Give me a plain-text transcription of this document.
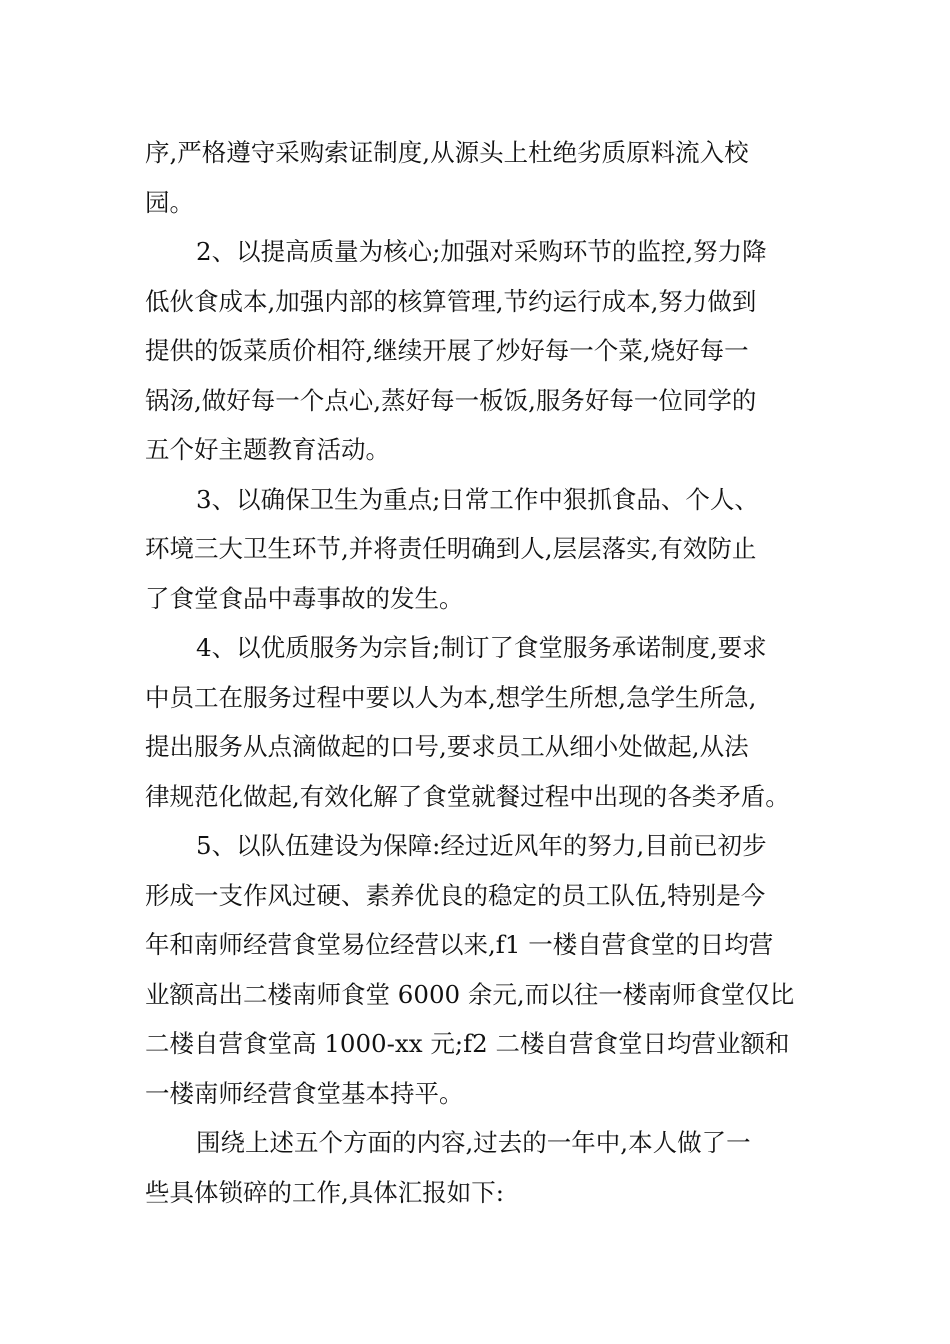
序,严格遵守采购索证制度,从源头上杜绝劣质原料流入校
园。
2、以提高质量为核心;加强对采购环节的监控,努力降
低伙食成本,加强内部的核算管理,节约运行成本,努力做到
提供的饭菜质价相符,继续开展了炒好每一个菜,烧好每一
锅汤,做好每一个点心,蒸好每一板饭,服务好每一位同学的
五个好主题教育活动。
3、以确保卫生为重点;日常工作中狠抓食品、个人、
环境三大卫生环节,并将责任明确到人,层层落实,有效防止
了食堂食品中毒事故的发生。
4、以优质服务为宗旨;制订了食堂服务承诺制度,要求
中员工在服务过程中要以人为本,想学生所想,急学生所急,
提出服务从点滴做起的口号,要求员工从细小处做起,从法
律规范化做起,有效化解了食堂就餐过程中出现的各类矛盾。
5、以队伍建设为保障:经过近风年的努力,目前已初步
形成一支作风过硬、素养优良的稳定的员工队伍,特别是今
年和南师经营食堂易位经营以来,f1 一楼自营食堂的日均营
业额高出二楼南师食堂 6000 余元,而以往一楼南师食堂仅比
二楼自营食堂高 1000-xx 元;f2 二楼自营食堂日均营业额和
一楼南师经营食堂基本持平。
围绕上述五个方面的内容,过去的一年中,本人做了一
些具体锁碎的工作,具体汇报如下:
